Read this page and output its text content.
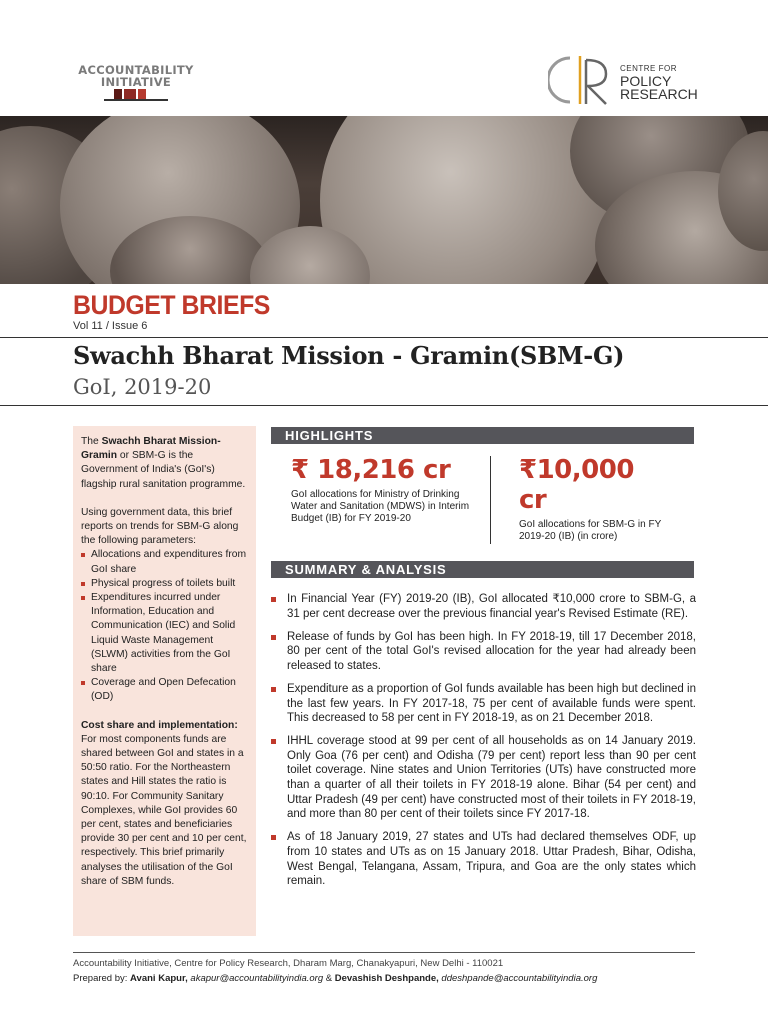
ACCOUNTABILITY
INITIATIVE
CENTRE FOR
POLICY
RESEARCH
BUDGET BRIEFS
Vol 11 / Issue 6
Swachh Bharat Mission - Gramin(SBM-G)
GoI, 2019-20

The Swachh Bharat Mission-Gramin or SBM-G is the Government of India's (GoI's) flagship rural sanitation programme.

Using government data, this brief reports on trends for SBM-G along the following parameters:

Allocations and expenditures from GoI share
Physical progress of toilets built
Expenditures incurred under Information, Education and Communication (IEC) and Solid Liquid Waste Management (SLWM) activities from the GoI share
Coverage and Open Defecation (OD)

Cost share and implementation: For most components funds are shared between GoI and states in a 50:50 ratio. For the Northeastern states and Hill states the ratio is 90:10. For Community Sanitary Complexes, while GoI provides 60 per cent, states and beneficiaries provide 30 per cent and 10 per cent, respectively. This brief primarily analyses the utilisation of the GoI share of SBM funds.

HIGHLIGHTS
₹ 18,216 cr
GoI allocations for Ministry of Drinking Water and Sanitation (MDWS) in Interim Budget (IB) for FY 2019-20
₹10,000 cr
GoI allocations for SBM-G in FY 2019-20 (IB) (in crore)
SUMMARY & ANALYSIS
In Financial Year (FY) 2019-20 (IB), GoI allocated ₹10,000 crore to SBM-G, a 31 per cent decrease over the previous financial year's Revised Estimate (RE).
Release of funds by GoI has been high. In FY 2018-19, till 17 December 2018, 80 per cent of the total GoI's revised allocation for the year had already been released to states.
Expenditure as a proportion of GoI funds available has been high but declined in the last few years. In FY 2017-18, 75 per cent of available funds were spent. This decreased to 58 per cent in FY 2018-19, as on 21 December 2018.
IHHL coverage stood at 99 per cent of all households as on 14 January 2019. Only Goa (76 per cent) and Odisha (79 per cent) report less than 90 per cent toilet coverage. Nine states and Union Territories (UTs) have constructed more than a quarter of all their toilets in FY 2018-19 alone. Bihar (54 per cent) and Uttar Pradesh (49 per cent) have constructed most of their toilets in FY 2018-19, and more than 80 per cent of their toilets since FY 2017-18.
As of 18 January 2019, 27 states and UTs had declared themselves ODF, up from 10 states and UTs as on 15 January 2018. Uttar Pradesh, Bihar, Odisha, West Bengal, Telangana, Assam, Tripura, and Goa are the only states which remain.
Accountability Initiative, Centre for Policy Research, Dharam Marg, Chanakyapuri, New Delhi - 110021
Prepared by: Avani Kapur, akapur@accountabilityindia.org & Devashish Deshpande, ddeshpande@accountabilityindia.org
